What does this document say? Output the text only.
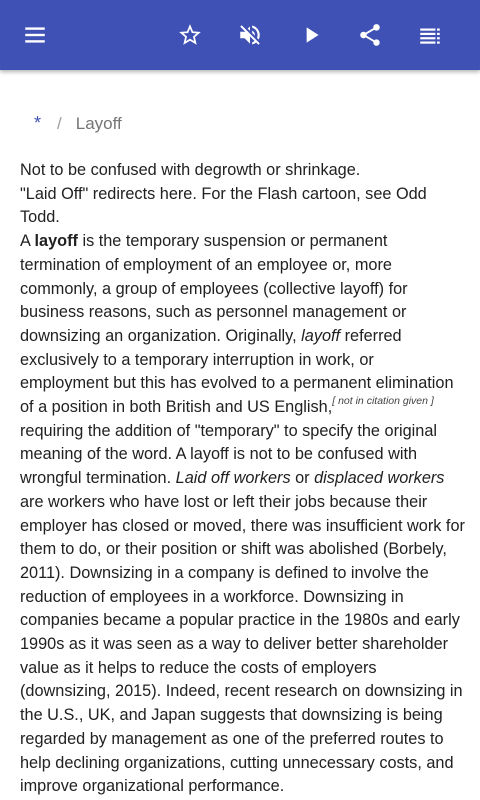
* / Layoff

Not to be confused with degrowth or shrinkage.

"Laid Off" redirects here. For the Flash cartoon, see Odd Todd.

A layoff is the temporary suspension or permanent termination of employment of an employee or, more commonly, a group of employees (collective layoff) for business reasons, such as personnel management or downsizing an organization. Originally, layoff referred exclusively to a temporary interruption in work, or employment but this has evolved to a permanent elimination of a position in both British and US English,[ not in citation given ] requiring the addition of "temporary" to specify the original meaning of the word. A layoff is not to be confused with wrongful termination. Laid off workers or displaced workers are workers who have lost or left their jobs because their employer has closed or moved, there was insufficient work for them to do, or their position or shift was abolished (Borbely, 2011). Downsizing in a company is defined to involve the reduction of employees in a workforce. Downsizing in companies became a popular practice in the 1980s and early 1990s as it was seen as a way to deliver better shareholder value as it helps to reduce the costs of employers (downsizing, 2015). Indeed, recent research on downsizing in the U.S., UK, and Japan suggests that downsizing is being regarded by management as one of the preferred routes to help declining organizations, cutting unnecessary costs, and improve organizational performance.
